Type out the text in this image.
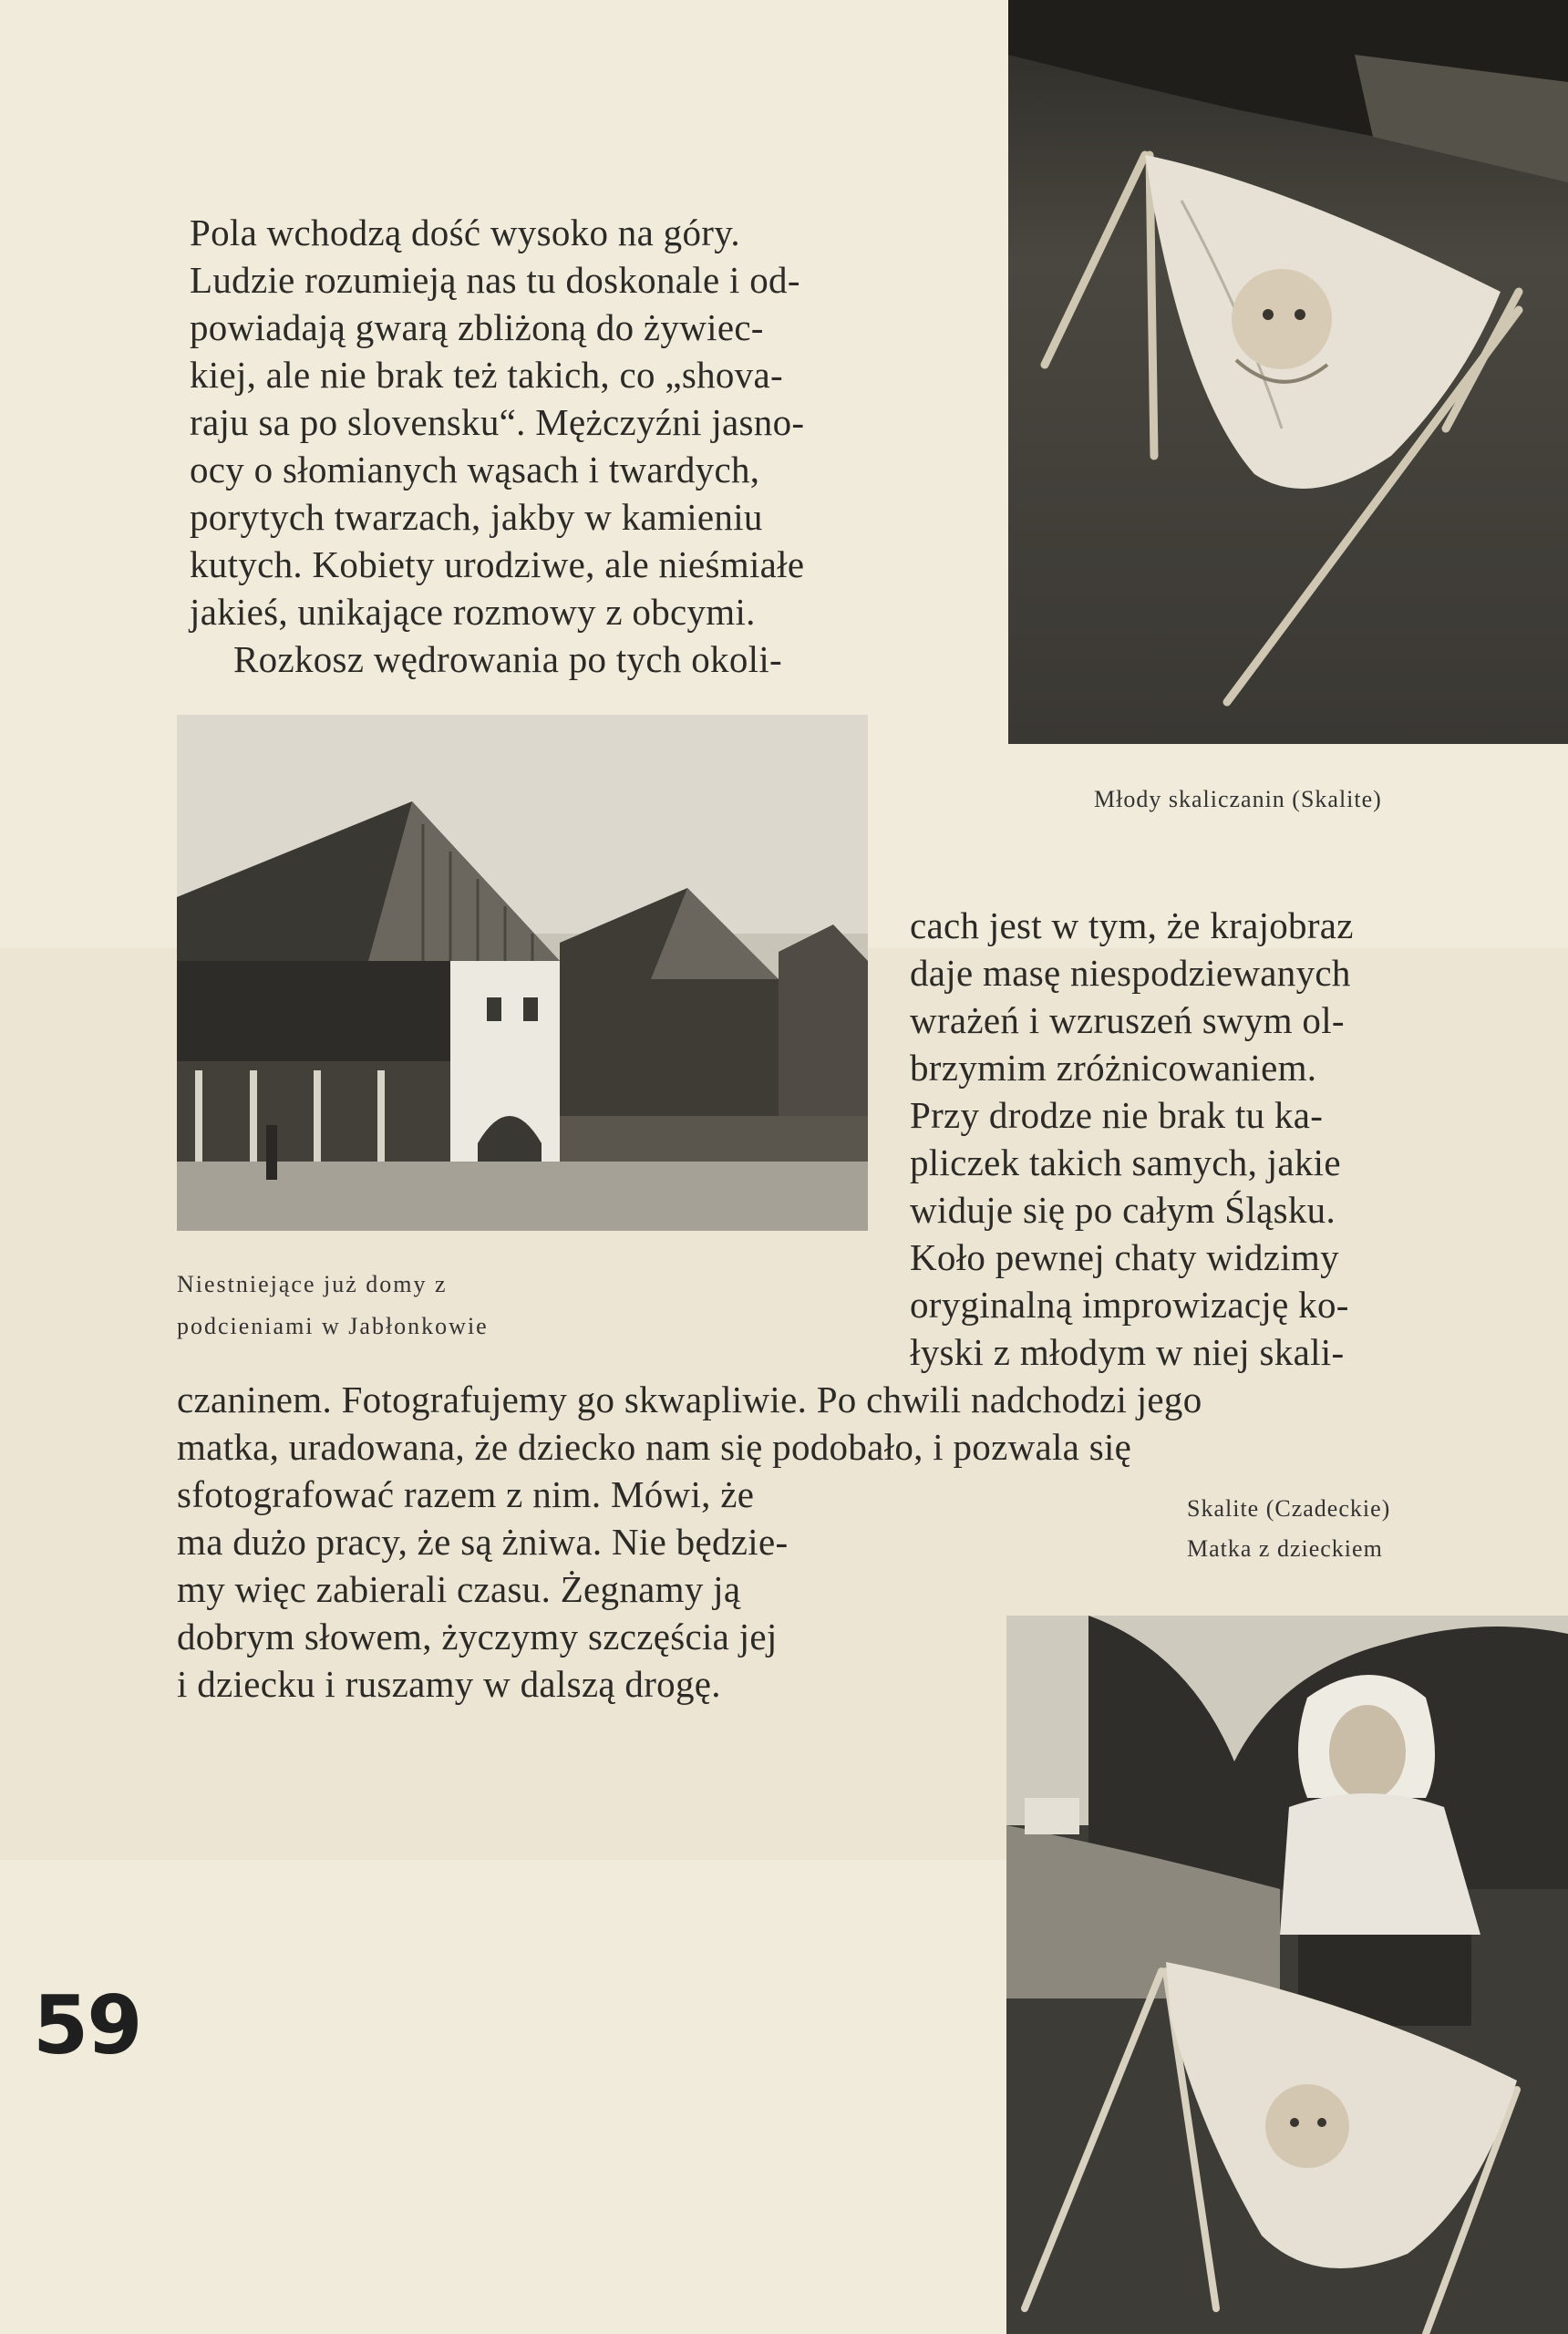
Pola wchodzą dość wysoko na góry.
Ludzie rozumieją nas tu doskonale i od-
powiadają gwarą zbliżoną do żywiec-
kiej, ale nie brak też takich, co „shova-
raju sa po slovensku“. Mężczyźni jasno-
ocy o słomianych wąsach i twardych,
porytych twarzach, jakby w kamieniu
kutych. Kobiety urodziwe, ale nieśmiałe
jakieś, unikające rozmowy z obcymi.
Rozkosz wędrowania po tych okoli-
Młody skaliczanin (Skalite)
Niestniejące już domy z
podcieniami w Jabłonkowie
cach jest w tym, że krajobraz
daje masę niespodziewanych
wrażeń i wzruszeń swym ol-
brzymim zróżnicowaniem.
Przy drodze nie brak tu ka-
pliczek takich samych, jakie
widuje się po całym Śląsku.
Koło pewnej chaty widzimy
oryginalną improwizację ko-
łyski z młodym w niej skali-
czaninem. Fotografujemy go skwapliwie. Po chwili nadchodzi jego
matka, uradowana, że dziecko nam się podobało, i pozwala się
sfotografować razem z nim. Mówi, że
ma dużo pracy, że są żniwa. Nie będzie-
my więc zabierali czasu. Żegnamy ją
dobrym słowem, życzymy szczęścia jej
i dziecku i ruszamy w dalszą drogę.
Skalite (Czadeckie)
Matka z dzieckiem
59
